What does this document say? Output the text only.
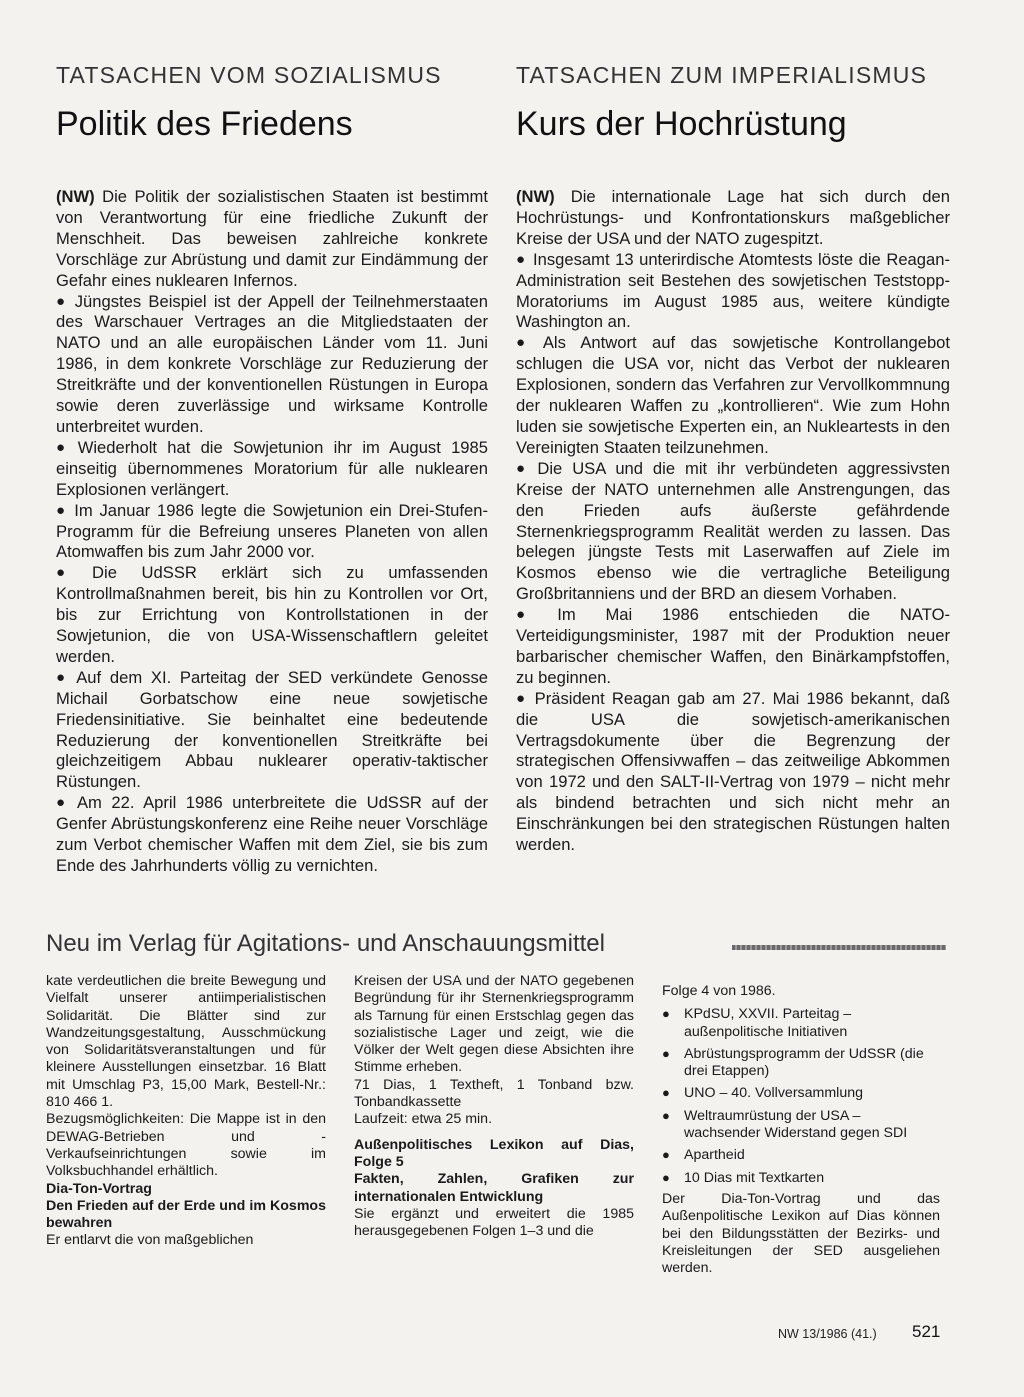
TATSACHEN VOM SOZIALISMUS
Politik des Friedens

(NW) Die Politik der sozialistischen Staaten ist bestimmt von Verantwortung für eine friedliche Zukunft der Menschheit. Das beweisen zahlreiche konkrete Vorschläge zur Abrüstung und damit zur Eindämmung der Gefahr eines nuklearen Infernos.

● Jüngstes Beispiel ist der Appell der Teilnehmerstaaten des Warschauer Vertrages an die Mitgliedstaaten der NATO und an alle europäischen Länder vom 11. Juni 1986, in dem konkrete Vorschläge zur Reduzierung der Streitkräfte und der konventionellen Rüstungen in Europa sowie deren zuverlässige und wirksame Kontrolle unterbreitet wurden.

● Wiederholt hat die Sowjetunion ihr im August 1985 einseitig übernommenes Moratorium für alle nuklearen Explosionen verlängert.

● Im Januar 1986 legte die Sowjetunion ein Drei-Stufen-Programm für die Befreiung unseres Planeten von allen Atomwaffen bis zum Jahr 2000 vor.

● Die UdSSR erklärt sich zu umfassenden Kontrollmaßnahmen bereit, bis hin zu Kontrollen vor Ort, bis zur Errichtung von Kontrollstationen in der Sowjetunion, die von USA-Wissenschaftlern geleitet werden.

● Auf dem XI. Parteitag der SED verkündete Genosse Michail Gorbatschow eine neue sowjetische Friedensinitiative. Sie beinhaltet eine bedeutende Reduzierung der konventionellen Streitkräfte bei gleichzeitigem Abbau nuklearer operativ-taktischer Rüstungen.

● Am 22. April 1986 unterbreitete die UdSSR auf der Genfer Abrüstungskonferenz eine Reihe neuer Vorschläge zum Verbot chemischer Waffen mit dem Ziel, sie bis zum Ende des Jahrhunderts völlig zu vernichten.

TATSACHEN ZUM IMPERIALISMUS
Kurs der Hochrüstung

(NW) Die internationale Lage hat sich durch den Hochrüstungs- und Konfrontationskurs maßgeblicher Kreise der USA und der NATO zugespitzt.

● Insgesamt 13 unterirdische Atomtests löste die Reagan-Administration seit Bestehen des sowjetischen Teststopp-Moratoriums im August 1985 aus, weitere kündigte Washington an.

● Als Antwort auf das sowjetische Kontrollangebot schlugen die USA vor, nicht das Verbot der nuklearen Explosionen, sondern das Verfahren zur Vervollkommnung der nuklearen Waffen zu „kontrollieren“. Wie zum Hohn luden sie sowjetische Experten ein, an Nukleartests in den Vereinigten Staaten teilzunehmen.

● Die USA und die mit ihr verbündeten aggressivsten Kreise der NATO unternehmen alle Anstrengungen, das den Frieden aufs äußerste gefährdende Sternenkriegsprogramm Realität werden zu lassen. Das belegen jüngste Tests mit Laserwaffen auf Ziele im Kosmos ebenso wie die vertragliche Beteiligung Großbritanniens und der BRD an diesem Vorhaben.

● Im Mai 1986 entschieden die NATO-Verteidigungsminister, 1987 mit der Produktion neuer barbarischer chemischer Waffen, den Binärkampfstoffen, zu beginnen.

● Präsident Reagan gab am 27. Mai 1986 bekannt, daß die USA die sowjetisch-amerikanischen Vertragsdokumente über die Begrenzung der strategischen Offensivwaffen – das zeitweilige Abkommen von 1972 und den SALT-II-Vertrag von 1979 – nicht mehr als bindend betrachten und sich nicht mehr an Einschränkungen bei den strategischen Rüstungen halten werden.

Neu im Verlag für Agitations- und Anschauungsmittel

kate verdeutlichen die breite Bewegung und Vielfalt unserer antiimperialistischen Solidarität. Die Blätter sind zur Wandzeitungsgestaltung, Ausschmückung von Solidaritätsveranstaltungen und für kleinere Ausstellungen einsetzbar. 16 Blatt mit Umschlag P3, 15,00 Mark, Bestell-Nr.: 810 466 1.

Bezugsmöglichkeiten: Die Mappe ist in den DEWAG-Betrieben und -Verkaufseinrichtungen sowie im Volksbuchhandel erhältlich.

Dia-Ton-Vortrag

Den Frieden auf der Erde und im Kosmos bewahren

Er entlarvt die von maßgeblichen

Kreisen der USA und der NATO gegebenen Begründung für ihr Sternenkriegsprogramm als Tarnung für einen Erstschlag gegen das sozialistische Lager und zeigt, wie die Völker der Welt gegen diese Absichten ihre Stimme erheben.

71 Dias, 1 Textheft, 1 Tonband bzw. Tonbandkassette

Laufzeit: etwa 25 min.

Außenpolitisches Lexikon auf Dias, Folge 5

Fakten, Zahlen, Grafiken zur internationalen Entwicklung

Sie ergänzt und erweitert die 1985 herausgegebenen Folgen 1–3 und die

Folge 4 von 1986.

● KPdSU, XXVII. Parteitag – außenpolitische Initiativen

● Abrüstungsprogramm der UdSSR (die drei Etappen)

● UNO – 40. Vollversammlung

● Weltraumrüstung der USA – wachsender Widerstand gegen SDI

● Apartheid

● 10 Dias mit Textkarten

Der Dia-Ton-Vortrag und das Außenpolitische Lexikon auf Dias können bei den Bildungsstätten der Bezirks- und Kreisleitungen der SED ausgeliehen werden.

NW 13/1986 (41.) 521
